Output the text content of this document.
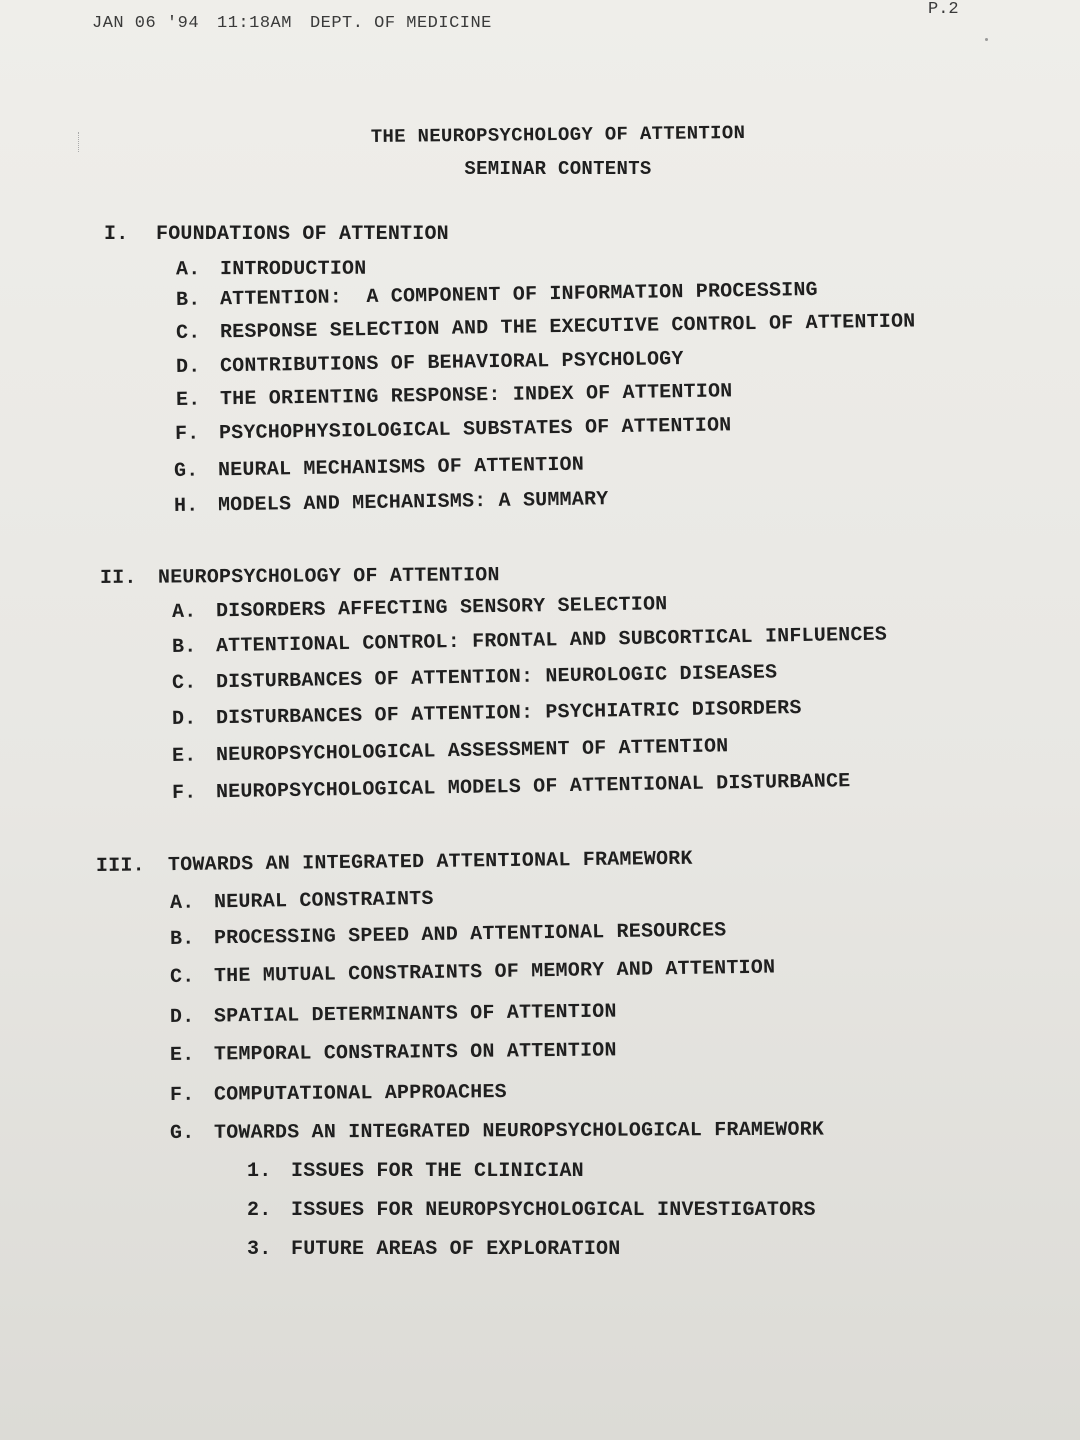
JAN 06 '94 11:18AM DEPT. OF MEDICINE
P.2
THE NEUROPSYCHOLOGY OF ATTENTION
SEMINAR CONTENTS
I. FOUNDATIONS OF ATTENTION
A. INTRODUCTION
B. ATTENTION:  A COMPONENT OF INFORMATION PROCESSING
C. RESPONSE SELECTION AND THE EXECUTIVE CONTROL OF ATTENTION
D. CONTRIBUTIONS OF BEHAVIORAL PSYCHOLOGY
E. THE ORIENTING RESPONSE: INDEX OF ATTENTION
F. PSYCHOPHYSIOLOGICAL SUBSTATES OF ATTENTION
G. NEURAL MECHANISMS OF ATTENTION
H. MODELS AND MECHANISMS: A SUMMARY
II. NEUROPSYCHOLOGY OF ATTENTION
A. DISORDERS AFFECTING SENSORY SELECTION
B. ATTENTIONAL CONTROL: FRONTAL AND SUBCORTICAL INFLUENCES
C. DISTURBANCES OF ATTENTION: NEUROLOGIC DISEASES
D. DISTURBANCES OF ATTENTION: PSYCHIATRIC DISORDERS
E. NEUROPSYCHOLOGICAL ASSESSMENT OF ATTENTION
F. NEUROPSYCHOLOGICAL MODELS OF ATTENTIONAL DISTURBANCE
III. TOWARDS AN INTEGRATED ATTENTIONAL FRAMEWORK
A. NEURAL CONSTRAINTS
B. PROCESSING SPEED AND ATTENTIONAL RESOURCES
C. THE MUTUAL CONSTRAINTS OF MEMORY AND ATTENTION
D. SPATIAL DETERMINANTS OF ATTENTION
E. TEMPORAL CONSTRAINTS ON ATTENTION
F. COMPUTATIONAL APPROACHES
G. TOWARDS AN INTEGRATED NEUROPSYCHOLOGICAL FRAMEWORK
1. ISSUES FOR THE CLINICIAN
2. ISSUES FOR NEUROPSYCHOLOGICAL INVESTIGATORS
3. FUTURE AREAS OF EXPLORATION
